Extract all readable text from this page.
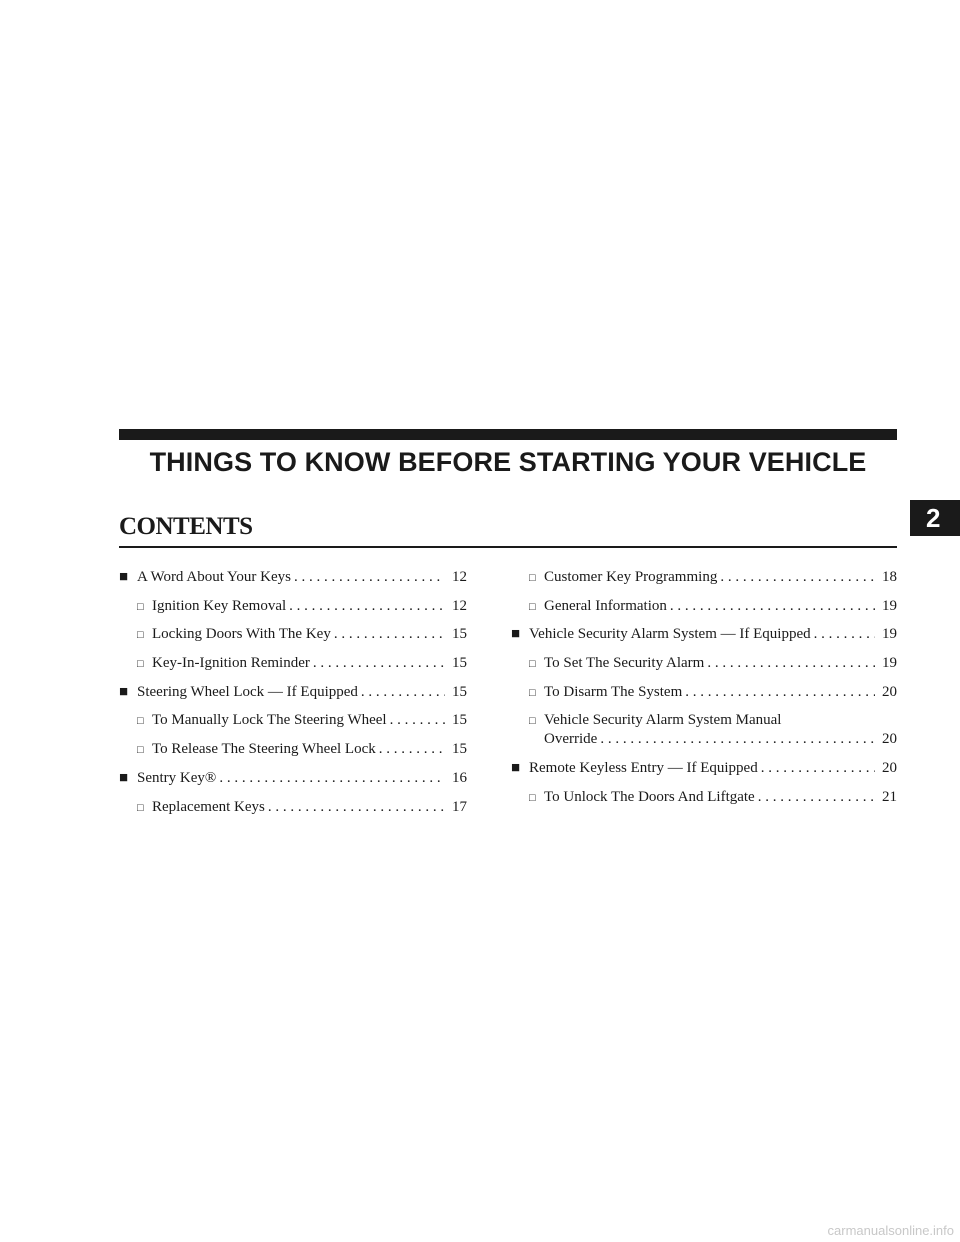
THINGS TO KNOW BEFORE STARTING YOUR VEHICLE
CONTENTS	2
■ A Word About Your Keys . . .	12
□ Ignition Key Removal . . .	12
□ Locking Doors With The Key . . .	15
□ Key-In-Ignition Reminder . . .	15
■ Steering Wheel Lock — If Equipped . . .	15
□ To Manually Lock The Steering Wheel . . .	15
□ To Release The Steering Wheel Lock . . .	15
■ Sentry Key® . . .	16
□ Replacement Keys . . .	17
□ Customer Key Programming . . .	18
□ General Information . . .	19
■ Vehicle Security Alarm System — If Equipped . . .	19
□ To Set The Security Alarm . . .	19
□ To Disarm The System . . .	20
□ Vehicle Security Alarm System Manual
Override . . .	20
■ Remote Keyless Entry — If Equipped . . .	20
□ To Unlock The Doors And Liftgate . . .	21
carmanualsonline.info
